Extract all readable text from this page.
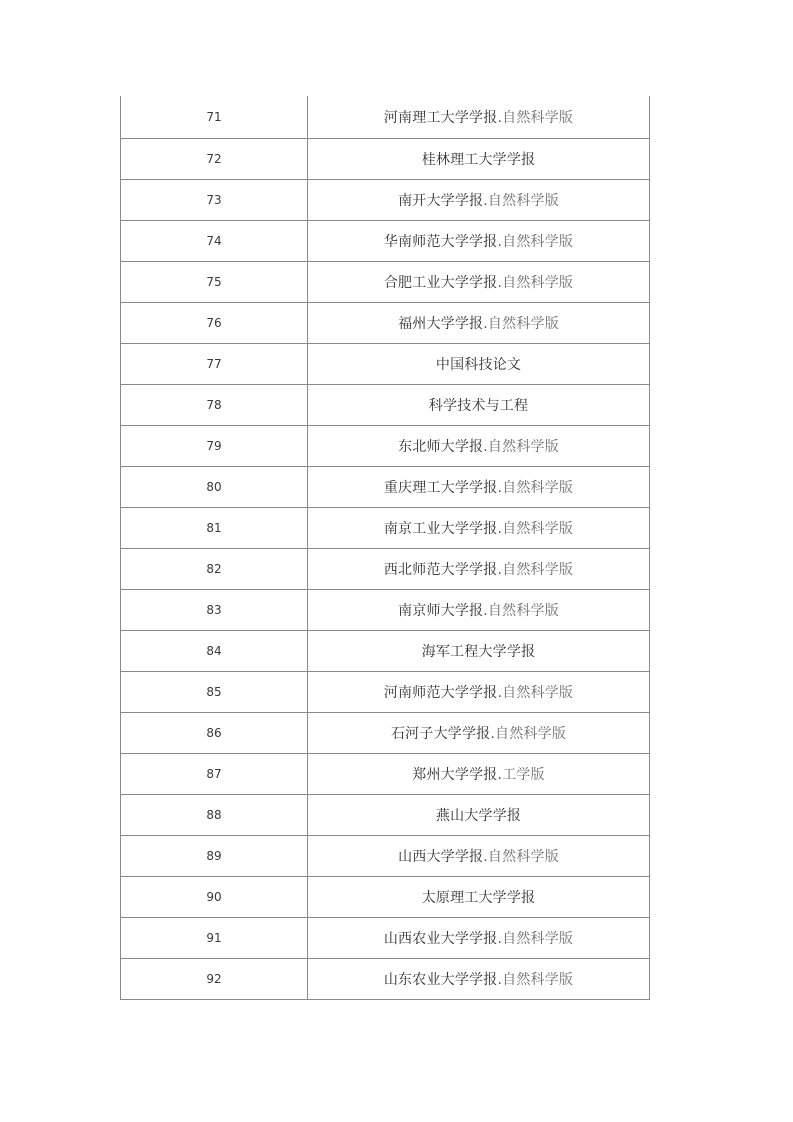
71	河南理工大学学报.自然科学版
72	桂林理工大学学报
73	南开大学学报.自然科学版
74	华南师范大学学报.自然科学版
75	合肥工业大学学报.自然科学版
76	福州大学学报.自然科学版
77	中国科技论文
78	科学技术与工程
79	东北师大学报.自然科学版
80	重庆理工大学学报.自然科学版
81	南京工业大学学报.自然科学版
82	西北师范大学学报.自然科学版
83	南京师大学报.自然科学版
84	海军工程大学学报
85	河南师范大学学报.自然科学版
86	石河子大学学报.自然科学版
87	郑州大学学报.工学版
88	燕山大学学报
89	山西大学学报.自然科学版
90	太原理工大学学报
91	山西农业大学学报.自然科学版
92	山东农业大学学报.自然科学版
